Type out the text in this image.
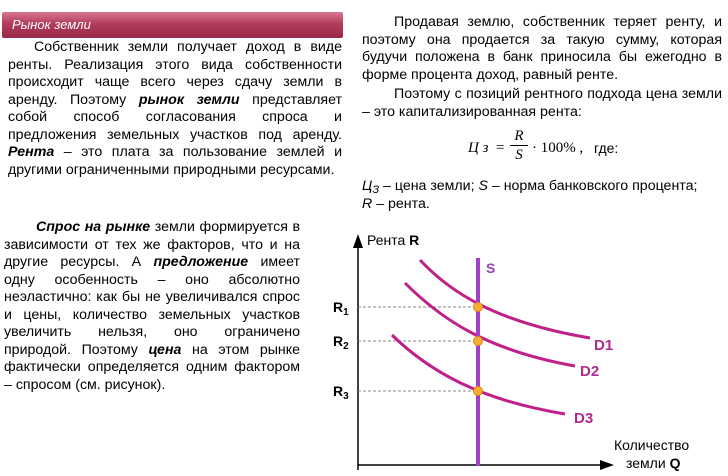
Рынок земли

Собственник земли получает доход в виде ренты. Реализация этого вида собственности происходит чаще всего через сдачу земли в аренду. Поэтому рынок земли представляет собой способ согласования спроса и предложения земельных участков под аренду. Рента – это плата за пользование землей и другими ограниченными природными ресурсами.

Спрос на рынке земли формируется в зависимости от тех же факторов, что и на другие ресурсы. А предложение имеет одну особенность – оно абсолютно неэластично: как бы не увеличивался спрос и цены, количество земельных участков увеличить нельзя, оно ограничено природой. Поэтому цена на этом рынке фактически определяется одним фактором – спросом (см. рисунок).

Продавая землю, собственник теряет ренту, и поэтому она продается за такую сумму, которая будучи положена в банк приносила бы ежегодно в форме процента доход, равный ренте.

Поэтому с позиций рентного подхода цена земли – это капитализированная рента:

Ц з =
R
S · 100% , где:

$Ц_З$ – цена земли; S – норма банковского процента;

R – рента.

Рента R
Количество
земли Q
$R_1$
$R_2$
$R_3$
S
D1
D2
D3
